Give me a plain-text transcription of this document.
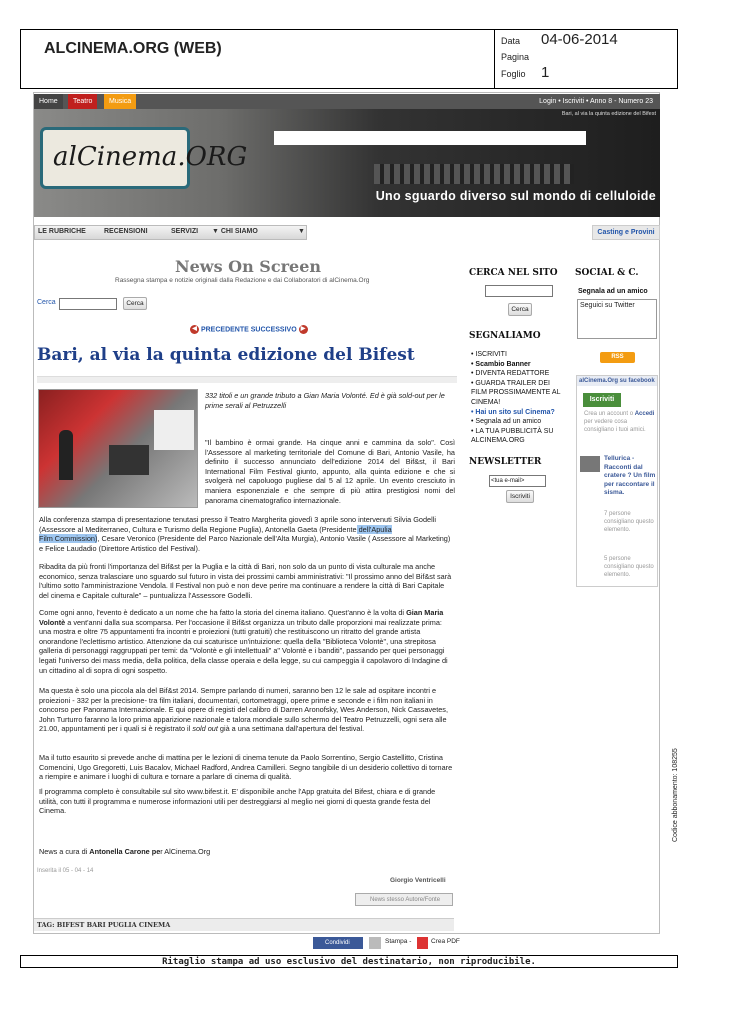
ALCINEMA.ORG (WEB)	Data 04-06-2014
Pagina
Foglio 1
Home	Teatro	Musica	Login • Iscriviti • Anno 8 - Numero 23
Bari, al via la quinta edizione del Bifest
alCinema.ORG
Uno sguardo diverso sul mondo di celluloide
LE RUBRICHE	RECENSIONI	SERVIZI ▼ CHI SIAMO	▼	Casting e Provini
News On Screen
Rassegna stampa e notizie originali dalla Redazione e dai Collaboratori di alCinema.Org
Cerca	Cerca
◀ PRECEDENTE SUCCESSIVO ▶
Bari, al via la quinta edizione del Bifest
332 titoli e un grande tributo a Gian Maria Volonté. Ed è già sold-out per le prime serali al Petruzzelli
"Il bambino è ormai grande. Ha cinque anni e cammina da solo". Così l'Assessore al marketing territoriale del Comune di Bari, Antonio Vasile, ha definito il successo annunciato dell'edizione 2014 del Bif&st, il Bari International Film Festival giunto, appunto, alla quinta edizione e che si svolgerà nel capoluogo pugliese dal 5 al 12 aprile. Un evento cresciuto in maniera esponenziale e che sempre di più attira prestigiosi nomi del panorama cinematografico internazionale.
Alla conferenza stampa di presentazione tenutasi presso il Teatro Margherita giovedì 3 aprile sono intervenuti Silvia Godelli (Assessore al Mediterraneo, Cultura e Turismo della Regione Puglia), Antonella Gaeta (Presidente dell'Apulia
Film Commission), Cesare Veronico (Presidente del Parco Nazionale dell'Alta Murgia), Antonio Vasile ( Assessore al Marketing) e Felice Laudadio (Direttore Artistico del Festival).
Ribadita da più fronti l'importanza del Bif&st per la Puglia e la città di Bari, non solo da un punto di vista culturale ma anche economico, senza tralasciare uno sguardo sul futuro in vista dei prossimi cambi amministrativi: "Il prossimo anno del Bif&st sarà l'ultimo sotto l'amministrazione Vendola. Il Festival non può e non deve perire ma continuare a rendere la città di Bari Capitale del cinema e Capitale culturale" – puntualizza l'Assessore Godelli.
Come ogni anno, l'evento è dedicato a un nome che ha fatto la storia del cinema italiano. Quest'anno è la volta di Gian Maria Volontè a vent'anni dalla sua scomparsa. Per l'occasione il Bif&st organizza un tributo dalle proporzioni mai realizzate prima: una mostra e oltre 75 appuntamenti fra incontri e proiezioni (tutti gratuiti) che restituiscono un ritratto del grande artista onorandone l'eclettismo artistico. Attenzione da cui scaturisce un'intuizione: quella della "Biblioteca Volontè", una strepitosa galleria di personaggi raggruppati per temi: da "Volontè e gli intellettuali" a" Volontè e i banditi", passando per quei personaggi legati l'universo dei mass media, della politica, della classe operaia e della legge, su cui campeggia il capolavoro di Indagine di un cittadino al di sopra di ogni sospetto.
Ma questa è solo una piccola ala del Bif&st 2014. Sempre parlando di numeri, saranno ben 12 le sale ad ospitare incontri e proiezioni - 332 per la precisione- tra film italiani, documentari, cortometraggi, opere prime e seconde e i film non italiani in concorso per Panorama Internazionale. E qui opere di registi del calibro di Darren Aronofsky, Wes Anderson, Nick Cassavetes, John Turturro faranno la loro prima apparizione nazionale e talora mondiale sullo schermo del Teatro Petruzzelli, ogni sera alle 21.00, appuntamenti per i quali si è registrato il sold out già a una settimana dall'apertura del festival.
Ma il tutto esaurito si prevede anche di mattina per le lezioni di cinema tenute da Paolo Sorrentino, Sergio Castellitto, Cristina Comencini, Ugo Gregoretti, Luis Bacalov, Michael Radford, Andrea Camilleri. Segno tangibile di un desiderio collettivo di tornare a riempire e animare i luoghi di cultura e tornare a parlare di cinema di qualità.
Il programma completo è consultabile sul sito www.bifest.it. E' disponibile anche l'App gratuita del Bifest, chiara e di grande utilità, con tutti il programma e numerose informazioni utili per destreggiarsi al meglio nei giorni di questa grande festa del Cinema.
News a cura di Antonella Carone per AlCinema.Org
Inserita il 05 - 04 - 14
Giorgio Ventricelli
News stesso Autore/Fonte
TAG: BIFEST BARI PUGLIA CINEMA
Condividi	Stampa -	Crea PDF
CERCA NEL SITO
Cerca
SEGNALIAMO
• ISCRIVITI
• Scambio Banner
• DIVENTA REDATTORE
• GUARDA TRAILER DEI FILM PROSSIMAMENTE AL CINEMA!
• Hai un sito sul Cinema?
• Segnala ad un amico
• LA TUA PUBBLICITÀ SU ALCINEMA.ORG
NEWSLETTER
<tua e-mail>
Iscriviti
SOCIAL & C.
Segnala ad un amico
Seguici su Twitter
RSS
alCinema.Org su facebook
Iscriviti
Crea un account o Accedi per vedere cosa consigliano i tuoi amici.
Tellurica - Racconti dal cratere ? Un film per raccontare il sisma.
7 persone consigliano questo elemento.
5 persone consigliano questo elemento.
Ritaglio stampa ad uso esclusivo del destinatario, non riproducibile.
Codice abbonamento: 108255
